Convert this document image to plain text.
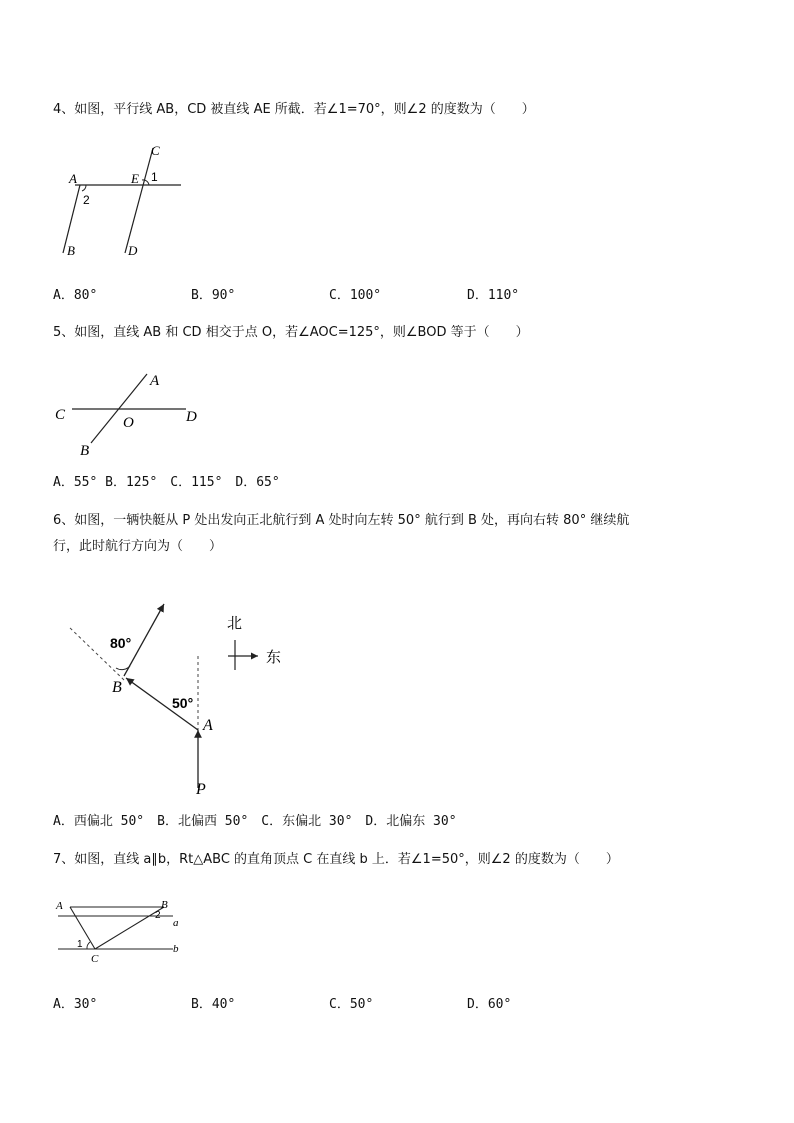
4、如图，平行线 AB，CD 被直线 AE 所截．若∠1=70°，则∠2 的度数为（　　）
A	E
C
1
2
B	D
A．80°	B．90°	C．100°	D．110°
5、如图，直线 AB 和 CD 相交于点 O，若∠AOC=125°，则∠BOD 等于（　　）
C	D
A
O
B
A．55° B．125°　C．115°　D．65°
6、如图，一辆快艇从 P 处出发向正北航行到 A 处时向左转 50° 航行到 B 处，再向右转 80° 继续航
行，此时航行方向为（　　）
80°
50°
B
A
P
北
东
A．西偏北 50°　B．北偏西 50°　C．东偏北 30°　D．北偏东 30°
7、如图，直线 a∥b，Rt△ABC 的直角顶点 C 在直线 b 上．若∠1=50°，则∠2 的度数为（　　）
A	B
2
a
1	b
C
A．30°	B．40°	C．50°	D．60°
